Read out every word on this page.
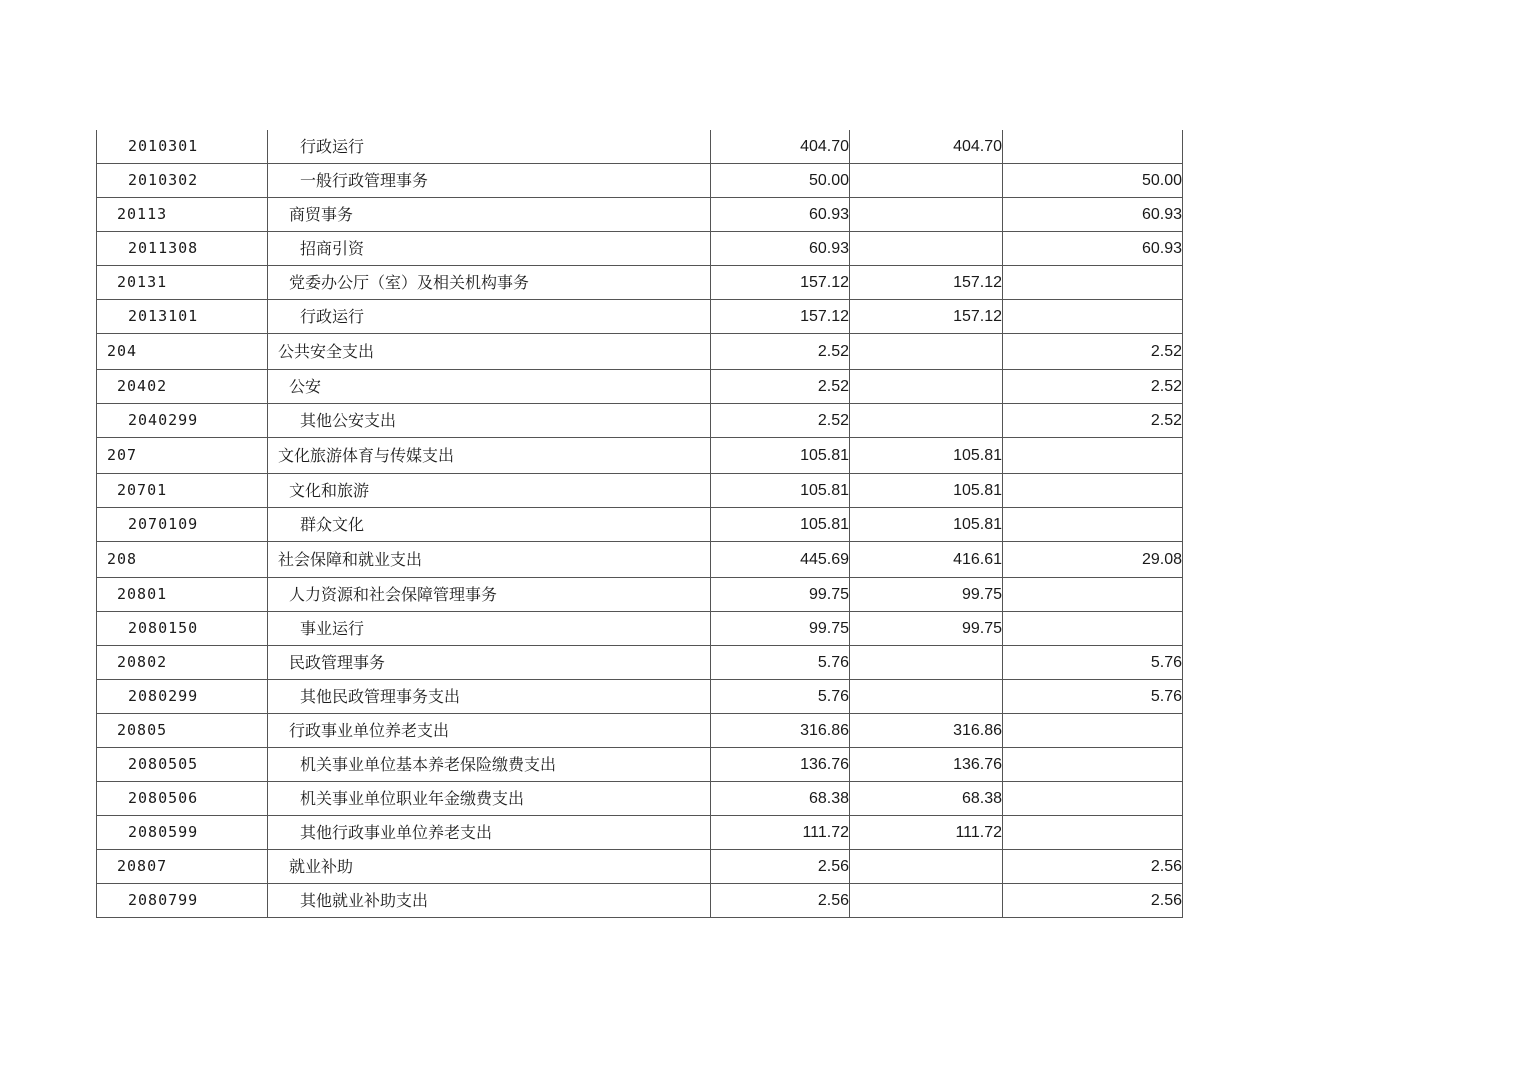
2010301	行政运行	404.70	404.70	
2010302	一般行政管理事务	50.00		50.00
20113	商贸事务	60.93		60.93
2011308	招商引资	60.93		60.93
20131	党委办公厅（室）及相关机构事务	157.12	157.12	
2013101	行政运行	157.12	157.12	
204	公共安全支出	2.52		2.52
20402	公安	2.52		2.52
2040299	其他公安支出	2.52		2.52
207	文化旅游体育与传媒支出	105.81	105.81	
20701	文化和旅游	105.81	105.81	
2070109	群众文化	105.81	105.81	
208	社会保障和就业支出	445.69	416.61	29.08
20801	人力资源和社会保障管理事务	99.75	99.75	
2080150	事业运行	99.75	99.75	
20802	民政管理事务	5.76		5.76
2080299	其他民政管理事务支出	5.76		5.76
20805	行政事业单位养老支出	316.86	316.86	
2080505	机关事业单位基本养老保险缴费支出	136.76	136.76	
2080506	机关事业单位职业年金缴费支出	68.38	68.38	
2080599	其他行政事业单位养老支出	111.72	111.72	
20807	就业补助	2.56		2.56
2080799	其他就业补助支出	2.56		2.56
